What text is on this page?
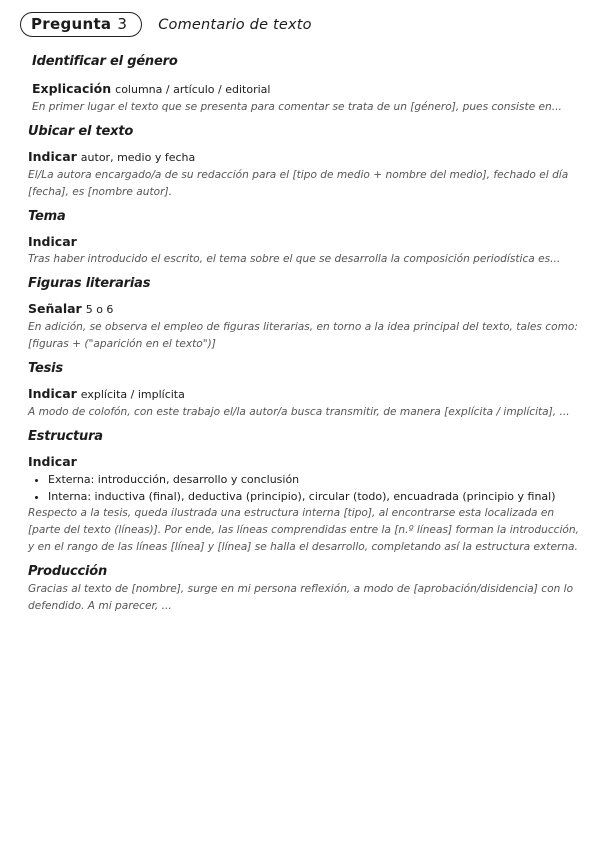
Pregunta 3	Comentario de texto
Identificar el género
Explicación columna / artículo / editorial

En primer lugar el texto que se presenta para comentar se trata de un [género], pues consiste en...

Ubicar el texto
Indicar autor, medio y fecha

El/La autora encargado/a de su redacción para el [tipo de medio + nombre del medio], fechado el día [fecha], es [nombre autor].

Tema
Indicar

Tras haber introducido el escrito, el tema sobre el que se desarrolla la composición periodística es...

Figuras literarias
Señalar 5 o 6

En adición, se observa el empleo de figuras literarias, en torno a la idea principal del texto, tales como: [figuras + ("aparición en el texto")]

Tesis
Indicar explícita / implícita

A modo de colofón, con este trabajo el/la autor/a busca transmitir, de manera [explícita / implícita], ...

Estructura
Indicar
• Externa: introducción, desarrollo y conclusión
• Interna: inductiva (final), deductiva (principio), circular (todo), encuadrada (principio y final)

Respecto a la tesis, queda ilustrada una estructura interna [tipo], al encontrarse esta localizada en [parte del texto (líneas)]. Por ende, las líneas comprendidas entre la [n.º líneas] forman la introducción, y en el rango de las líneas [línea] y [línea] se halla el desarrollo, completando así la estructura externa.

Producción

Gracias al texto de [nombre], surge en mi persona reflexión, a modo de [aprobación/disidencia] con lo defendido. A mi parecer, ...
